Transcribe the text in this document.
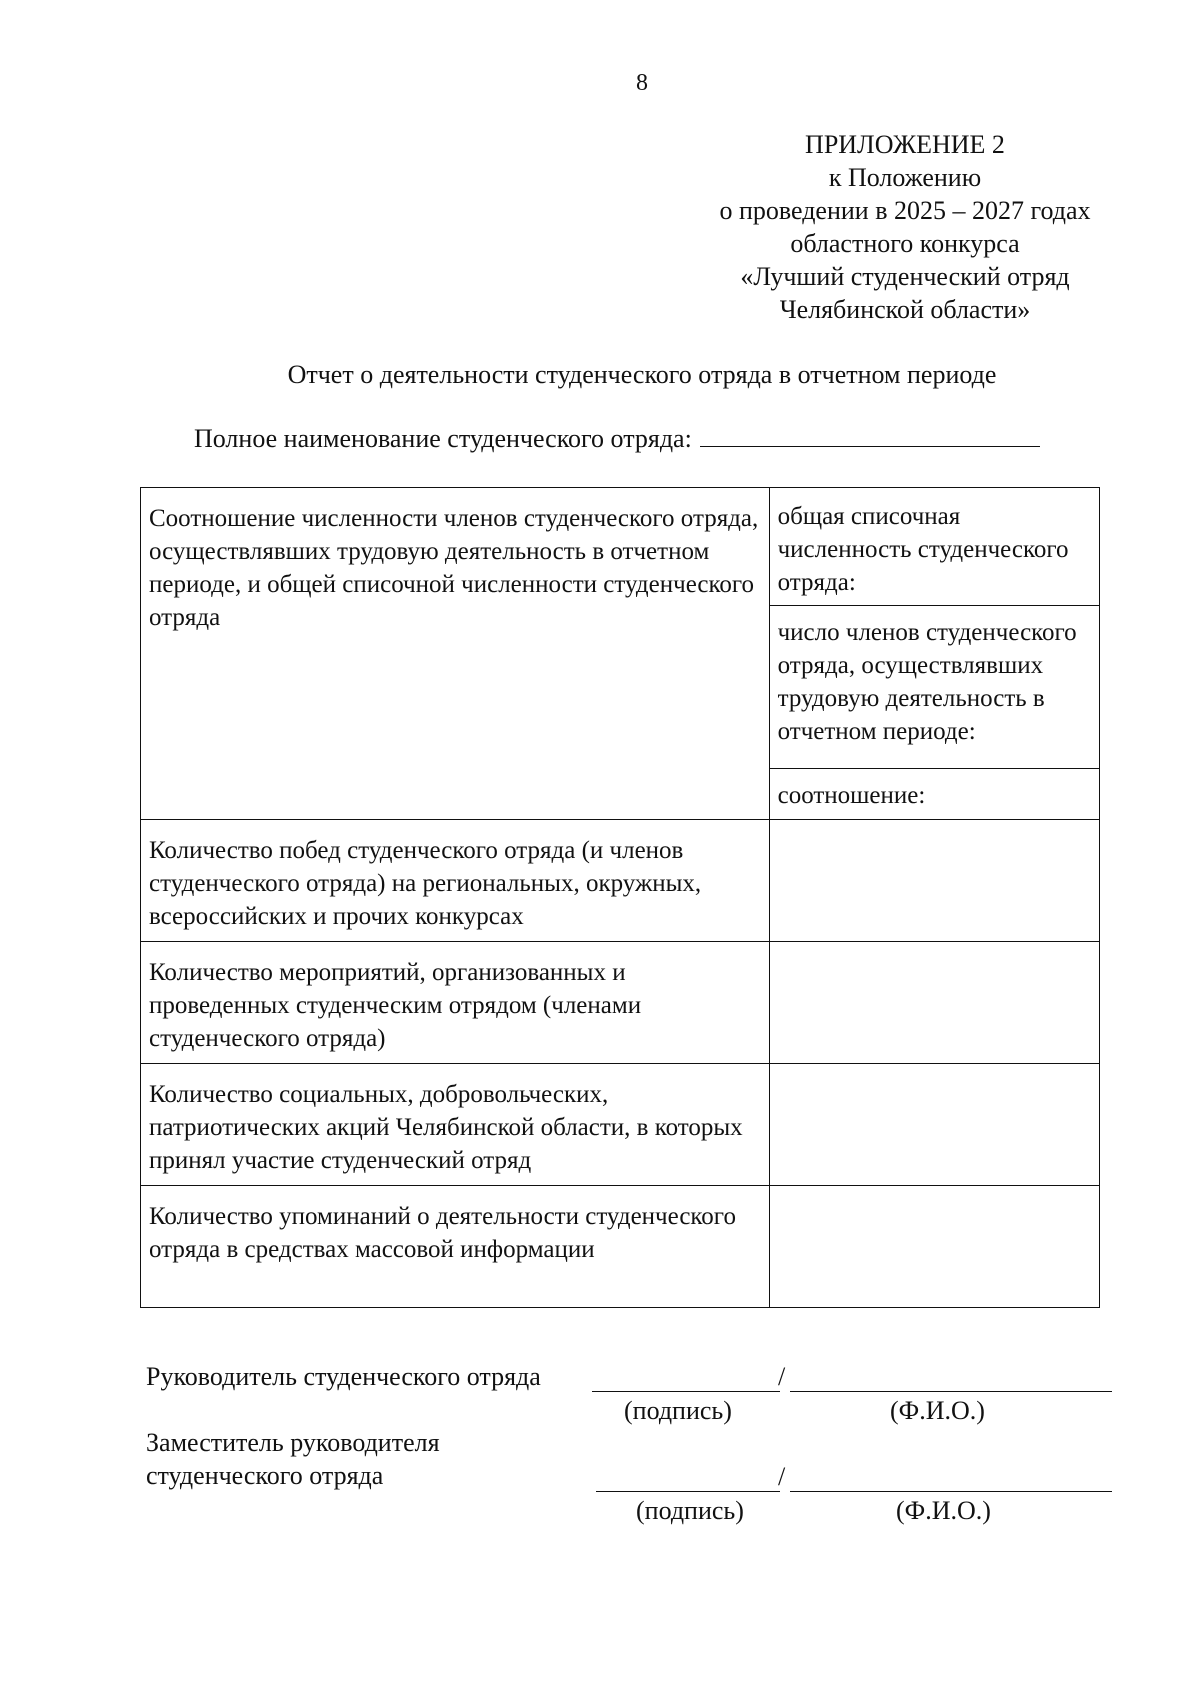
8
ПРИЛОЖЕНИЕ 2
к Положению
о проведении в 2025 – 2027 годах
областного конкурса
«Лучший студенческий отряд
Челябинской области»
Отчет о деятельности студенческого отряда в отчетном периоде
Полное наименование студенческого отряда:
Соотношение численности членов студенческого отряда, осуществлявших трудовую деятельность в отчетном периоде, и общей списочной численности студенческого отряда	общая списочная численность студенческого отряда:
	число членов студенческого отряда, осуществлявших трудовую деятельность в отчетном периоде:
	соотношение:
Количество побед студенческого отряда (и членов студенческого отряда) на региональных, окружных, всероссийских и прочих конкурсах	
Количество мероприятий, организованных и проведенных студенческим отрядом (членами студенческого отряда)	
Количество социальных, добровольческих, патриотических акций Челябинской области, в которых принял участие студенческий отряд	
Количество упоминаний о деятельности студенческого отряда в средствах массовой информации	
Руководитель студенческого отряда	/
(подпись)	(Ф.И.О.)
Заместитель руководителя
студенческого отряда	/
(подпись)	(Ф.И.О.)
